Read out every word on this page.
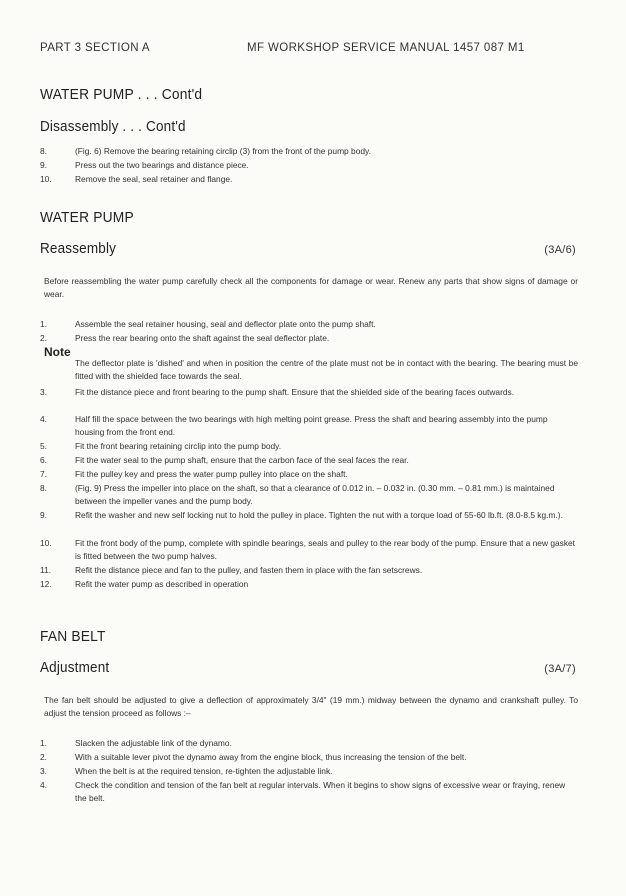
PART 3 SECTION A	MF WORKSHOP SERVICE MANUAL 1457 087 M1
WATER PUMP . . . Cont'd
Disassembly . . . Cont'd
8.	(Fig. 6) Remove the bearing retaining circlip (3) from the front of the pump body.
9.	Press out the two bearings and distance piece.
10.	Remove the seal, seal retainer and flange.
WATER PUMP
Reassembly	(3A/6)
Before reassembling the water pump carefully check all the components for damage or wear. Renew any parts that show signs of damage or wear.
1.	Assemble the seal retainer housing, seal and deflector plate onto the pump shaft.
2.	Press the rear bearing onto the shaft against the seal deflector plate.
Note
The deflector plate is 'dished' and when in position the centre of the plate must not be in contact with the bearing. The bearing must be fitted with the shielded face towards the seal.
3.	Fit the distance piece and front bearing to the pump shaft. Ensure that the shielded side of the bearing faces outwards.
4.	Half fill the space between the two bearings with high melting point grease. Press the shaft and bearing assembly into the pump housing from the front end.
5.	Fit the front bearing retaining circlip into the pump body.
6.	Fit the water seal to the pump shaft, ensure that the carbon face of the seal faces the rear.
7.	Fit the pulley key and press the water pump pulley into place on the shaft.
8.	(Fig. 9) Press the impeller into place on the shaft, so that a clearance of 0.012 in. – 0.032 in. (0.30 mm. – 0.81 mm.) is maintained between the impeller vanes and the pump body.
9.	Refit the washer and new self locking nut to hold the pulley in place. Tighten the nut with a torque load of 55-60 lb.ft. (8.0-8.5 kg.m.).
10.	Fit the front body of the pump, complete with spindle bearings, seals and pulley to the rear body of the pump. Ensure that a new gasket is fitted between the two pump halves.
11.	Refit the distance piece and fan to the pulley, and fasten them in place with the fan setscrews.
12.	Refit the water pump as described in operation
FAN BELT
Adjustment	(3A/7)
The fan belt should be adjusted to give a deflection of approximately 3/4" (19 mm.) midway between the dynamo and crankshaft pulley. To adjust the tension proceed as follows :–
1.	Slacken the adjustable link of the dynamo.
2.	With a suitable lever pivot the dynamo away from the engine block, thus increasing the tension of the belt.
3.	When the belt is at the required tension, re-tighten the adjustable link.
4.	Check the condition and tension of the fan belt at regular intervals. When it begins to show signs of excessive wear or fraying, renew the belt.
